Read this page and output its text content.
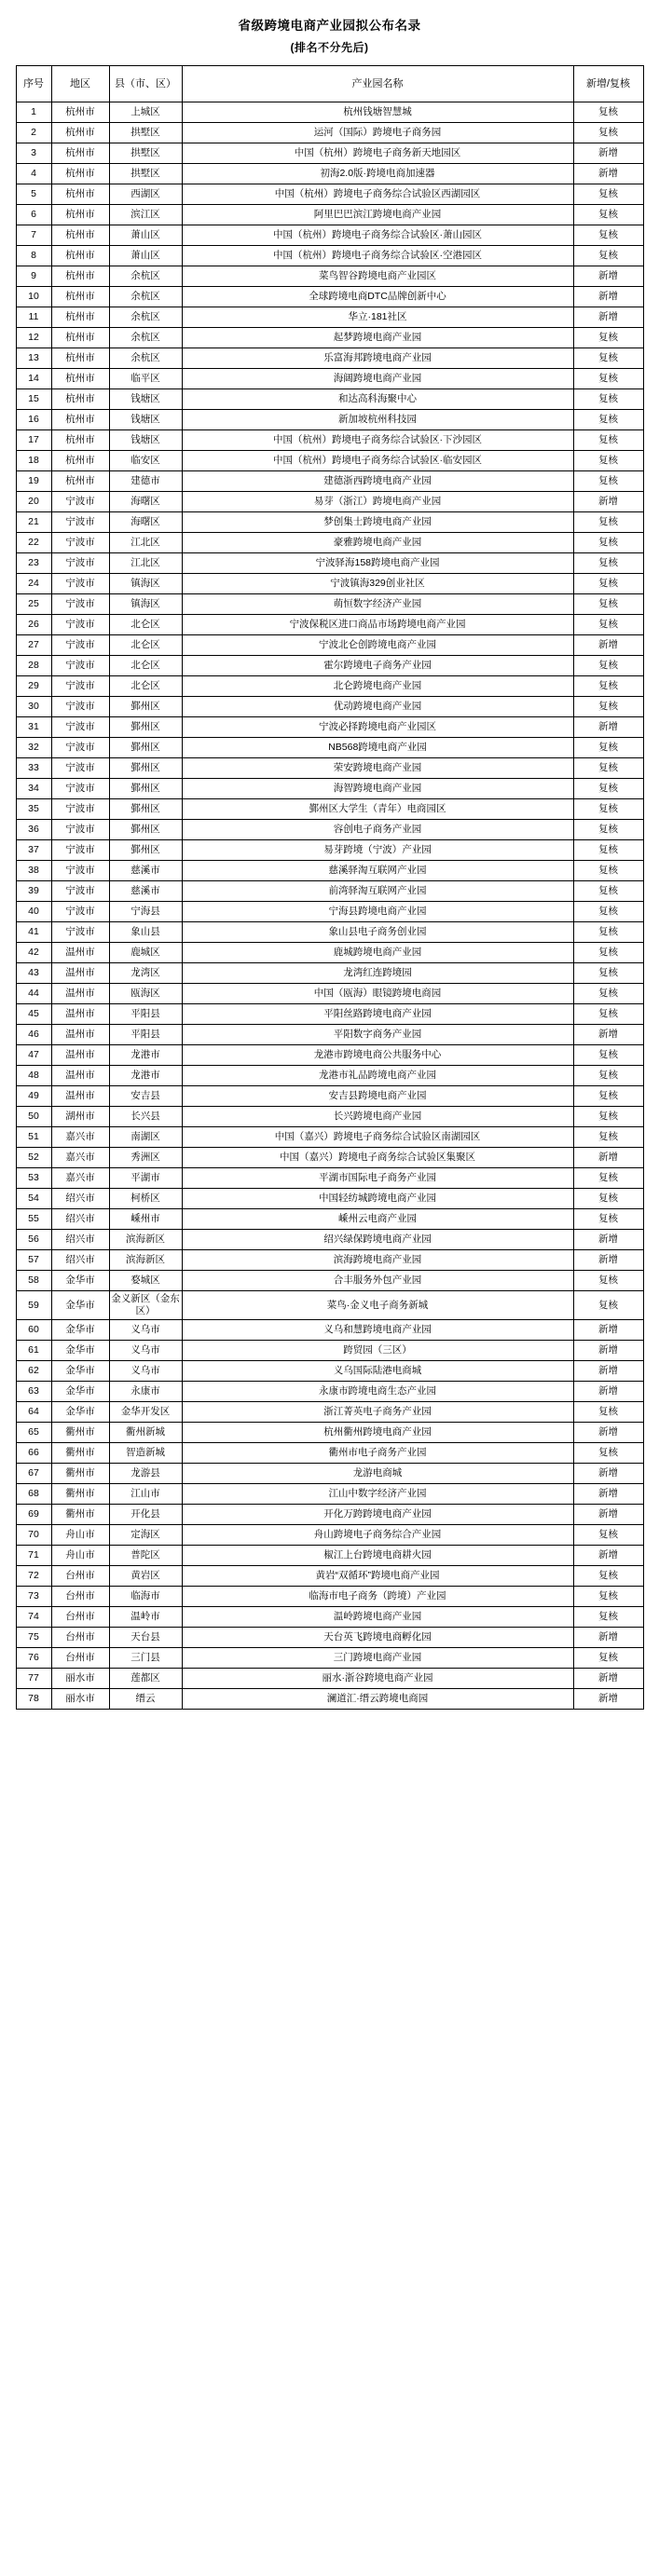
省级跨境电商产业园拟公布名录
(排名不分先后)
序号	地区	县（市、区）	产业园名称	新增/复核
1	杭州市	上城区	杭州钱塘智慧城	复核
2	杭州市	拱墅区	运河（国际）跨境电子商务园	复核
3	杭州市	拱墅区	中国（杭州）跨境电子商务新天地园区	新增
4	杭州市	拱墅区	初海2.0版·跨境电商加速器	新增
5	杭州市	西湖区	中国（杭州）跨境电子商务综合试验区西湖园区	复核
6	杭州市	滨江区	阿里巴巴滨江跨境电商产业园	复核
7	杭州市	萧山区	中国（杭州）跨境电子商务综合试验区·萧山园区	复核
8	杭州市	萧山区	中国（杭州）跨境电子商务综合试验区·空港园区	复核
9	杭州市	余杭区	菜鸟智谷跨境电商产业园区	新增
10	杭州市	余杭区	全球跨境电商DTC品牌创新中心	新增
11	杭州市	余杭区	华立·181社区	新增
12	杭州市	余杭区	起梦跨境电商产业园	复核
13	杭州市	余杭区	乐富海邦跨境电商产业园	复核
14	杭州市	临平区	海阔跨境电商产业园	复核
15	杭州市	钱塘区	和达高科海聚中心	复核
16	杭州市	钱塘区	新加坡杭州科技园	复核
17	杭州市	钱塘区	中国（杭州）跨境电子商务综合试验区·下沙园区	复核
18	杭州市	临安区	中国（杭州）跨境电子商务综合试验区·临安园区	复核
19	杭州市	建德市	建德浙西跨境电商产业园	复核
20	宁波市	海曙区	易芽（浙江）跨境电商产业园	新增
21	宁波市	海曙区	梦创集士跨境电商产业园	复核
22	宁波市	江北区	豪雅跨境电商产业园	复核
23	宁波市	江北区	宁波驿海158跨境电商产业园	复核
24	宁波市	镇海区	宁波镇海329创业社区	复核
25	宁波市	镇海区	萌恒数字经济产业园	复核
26	宁波市	北仑区	宁波保税区进口商品市场跨境电商产业园	复核
27	宁波市	北仑区	宁波北仑创跨境电商产业园	新增
28	宁波市	北仑区	霍尔跨境电子商务产业园	复核
29	宁波市	北仑区	北仑跨境电商产业园	复核
30	宁波市	鄞州区	优动跨境电商产业园	复核
31	宁波市	鄞州区	宁波必择跨境电商产业园区	新增
32	宁波市	鄞州区	NB568跨境电商产业园	复核
33	宁波市	鄞州区	荣安跨境电商产业园	复核
34	宁波市	鄞州区	海智跨境电商产业园	复核
35	宁波市	鄞州区	鄞州区大学生（青年）电商园区	复核
36	宁波市	鄞州区	容创电子商务产业园	复核
37	宁波市	鄞州区	易芽跨境（宁波）产业园	复核
38	宁波市	慈溪市	慈溪驿淘互联网产业园	复核
39	宁波市	慈溪市	前湾驿淘互联网产业园	复核
40	宁波市	宁海县	宁海县跨境电商产业园	复核
41	宁波市	象山县	象山县电子商务创业园	复核
42	温州市	鹿城区	鹿城跨境电商产业园	复核
43	温州市	龙湾区	龙湾红连跨境园	复核
44	温州市	瓯海区	中国（瓯海）眼镜跨境电商园	复核
45	温州市	平阳县	平阳丝路跨境电商产业园	复核
46	温州市	平阳县	平阳数字商务产业园	新增
47	温州市	龙港市	龙港市跨境电商公共服务中心	复核
48	温州市	龙港市	龙港市礼品跨境电商产业园	复核
49	温州市	安吉县	安吉县跨境电商产业园	复核
50	湖州市	长兴县	长兴跨境电商产业园	复核
51	嘉兴市	南湖区	中国（嘉兴）跨境电子商务综合试验区南湖园区	复核
52	嘉兴市	秀洲区	中国（嘉兴）跨境电子商务综合试验区集聚区	新增
53	嘉兴市	平湖市	平湖市国际电子商务产业园	复核
54	绍兴市	柯桥区	中国轻纺城跨境电商产业园	复核
55	绍兴市	嵊州市	嵊州云电商产业园	复核
56	绍兴市	滨海新区	绍兴绿保跨境电商产业园	新增
57	绍兴市	滨海新区	滨海跨境电商产业园	新增
58	金华市	婺城区	合丰服务外包产业园	复核
59	金华市	金义新区（金东区）	菜鸟·金义电子商务新城	复核
60	金华市	义乌市	义乌和慧跨境电商产业园	新增
61	金华市	义乌市	跨贸园（三区）	新增
62	金华市	义乌市	义乌国际陆港电商城	新增
63	金华市	永康市	永康市跨境电商生态产业园	新增
64	金华市	金华开发区	浙江菁英电子商务产业园	复核
65	衢州市	衢州新城	杭州衢州跨境电商产业园	新增
66	衢州市	智造新城	衢州市电子商务产业园	复核
67	衢州市	龙游县	龙游电商城	新增
68	衢州市	江山市	江山中数字经济产业园	新增
69	衢州市	开化县	开化万跨跨境电商产业园	新增
70	舟山市	定海区	舟山跨境电子商务综合产业园	复核
71	舟山市	普陀区	椒江上台跨境电商耕火园	新增
72	台州市	黄岩区	黄岩“双循环”跨境电商产业园	复核
73	台州市	临海市	临海市电子商务（跨境）产业园	复核
74	台州市	温岭市	温岭跨境电商产业园	复核
75	台州市	天台县	天台英飞跨境电商孵化园	新增
76	台州市	三门县	三门跨境电商产业园	复核
77	丽水市	莲都区	丽水·浙谷跨境电商产业园	新增
78	丽水市	缙云	澜道汇·缙云跨境电商园	新增
